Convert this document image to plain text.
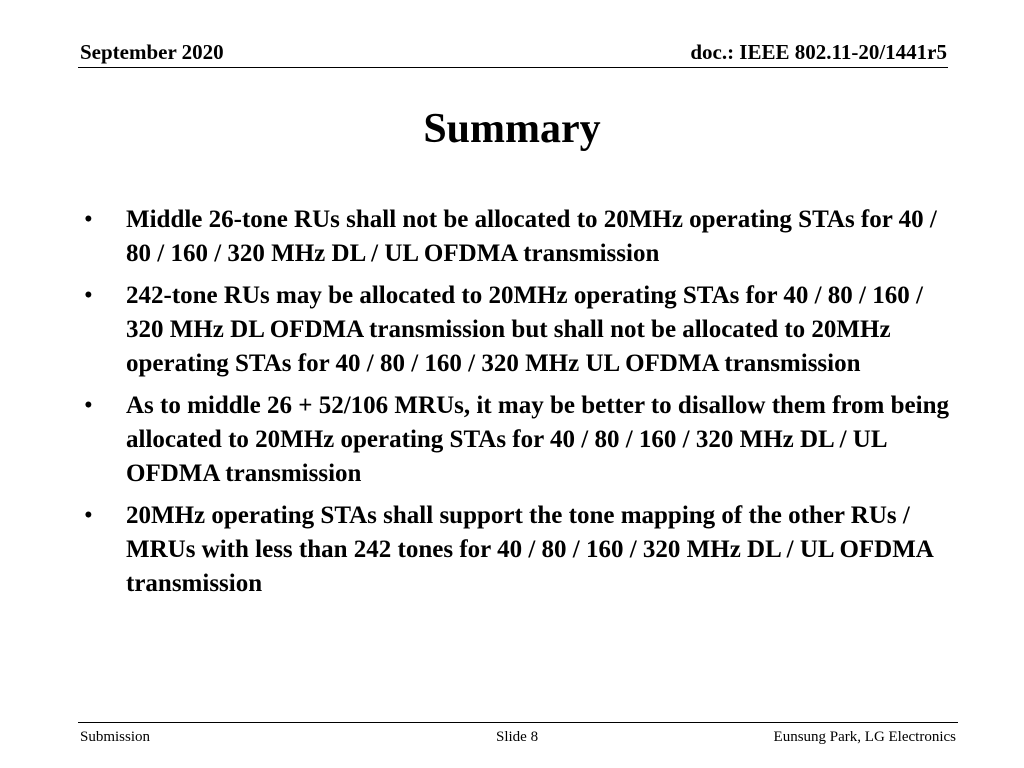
September 2020	doc.: IEEE 802.11-20/1441r5
Summary
• Middle 26-tone RUs shall not be allocated to 20MHz operating STAs for 40 / 80 / 160 / 320 MHz DL / UL OFDMA transmission
• 242-tone RUs may be allocated to 20MHz operating STAs for 40 / 80 / 160 / 320 MHz DL OFDMA transmission but shall not be allocated to 20MHz operating STAs for 40 / 80 / 160 / 320 MHz UL OFDMA transmission
• As to middle 26 + 52/106 MRUs, it may be better to disallow them from being allocated to 20MHz operating STAs for 40 / 80 / 160 / 320 MHz DL / UL OFDMA transmission
• 20MHz operating STAs shall support the tone mapping of the other RUs / MRUs with less than 242 tones for 40 / 80 / 160 / 320 MHz DL / UL OFDMA transmission
Submission	Slide 8	Eunsung Park, LG Electronics
